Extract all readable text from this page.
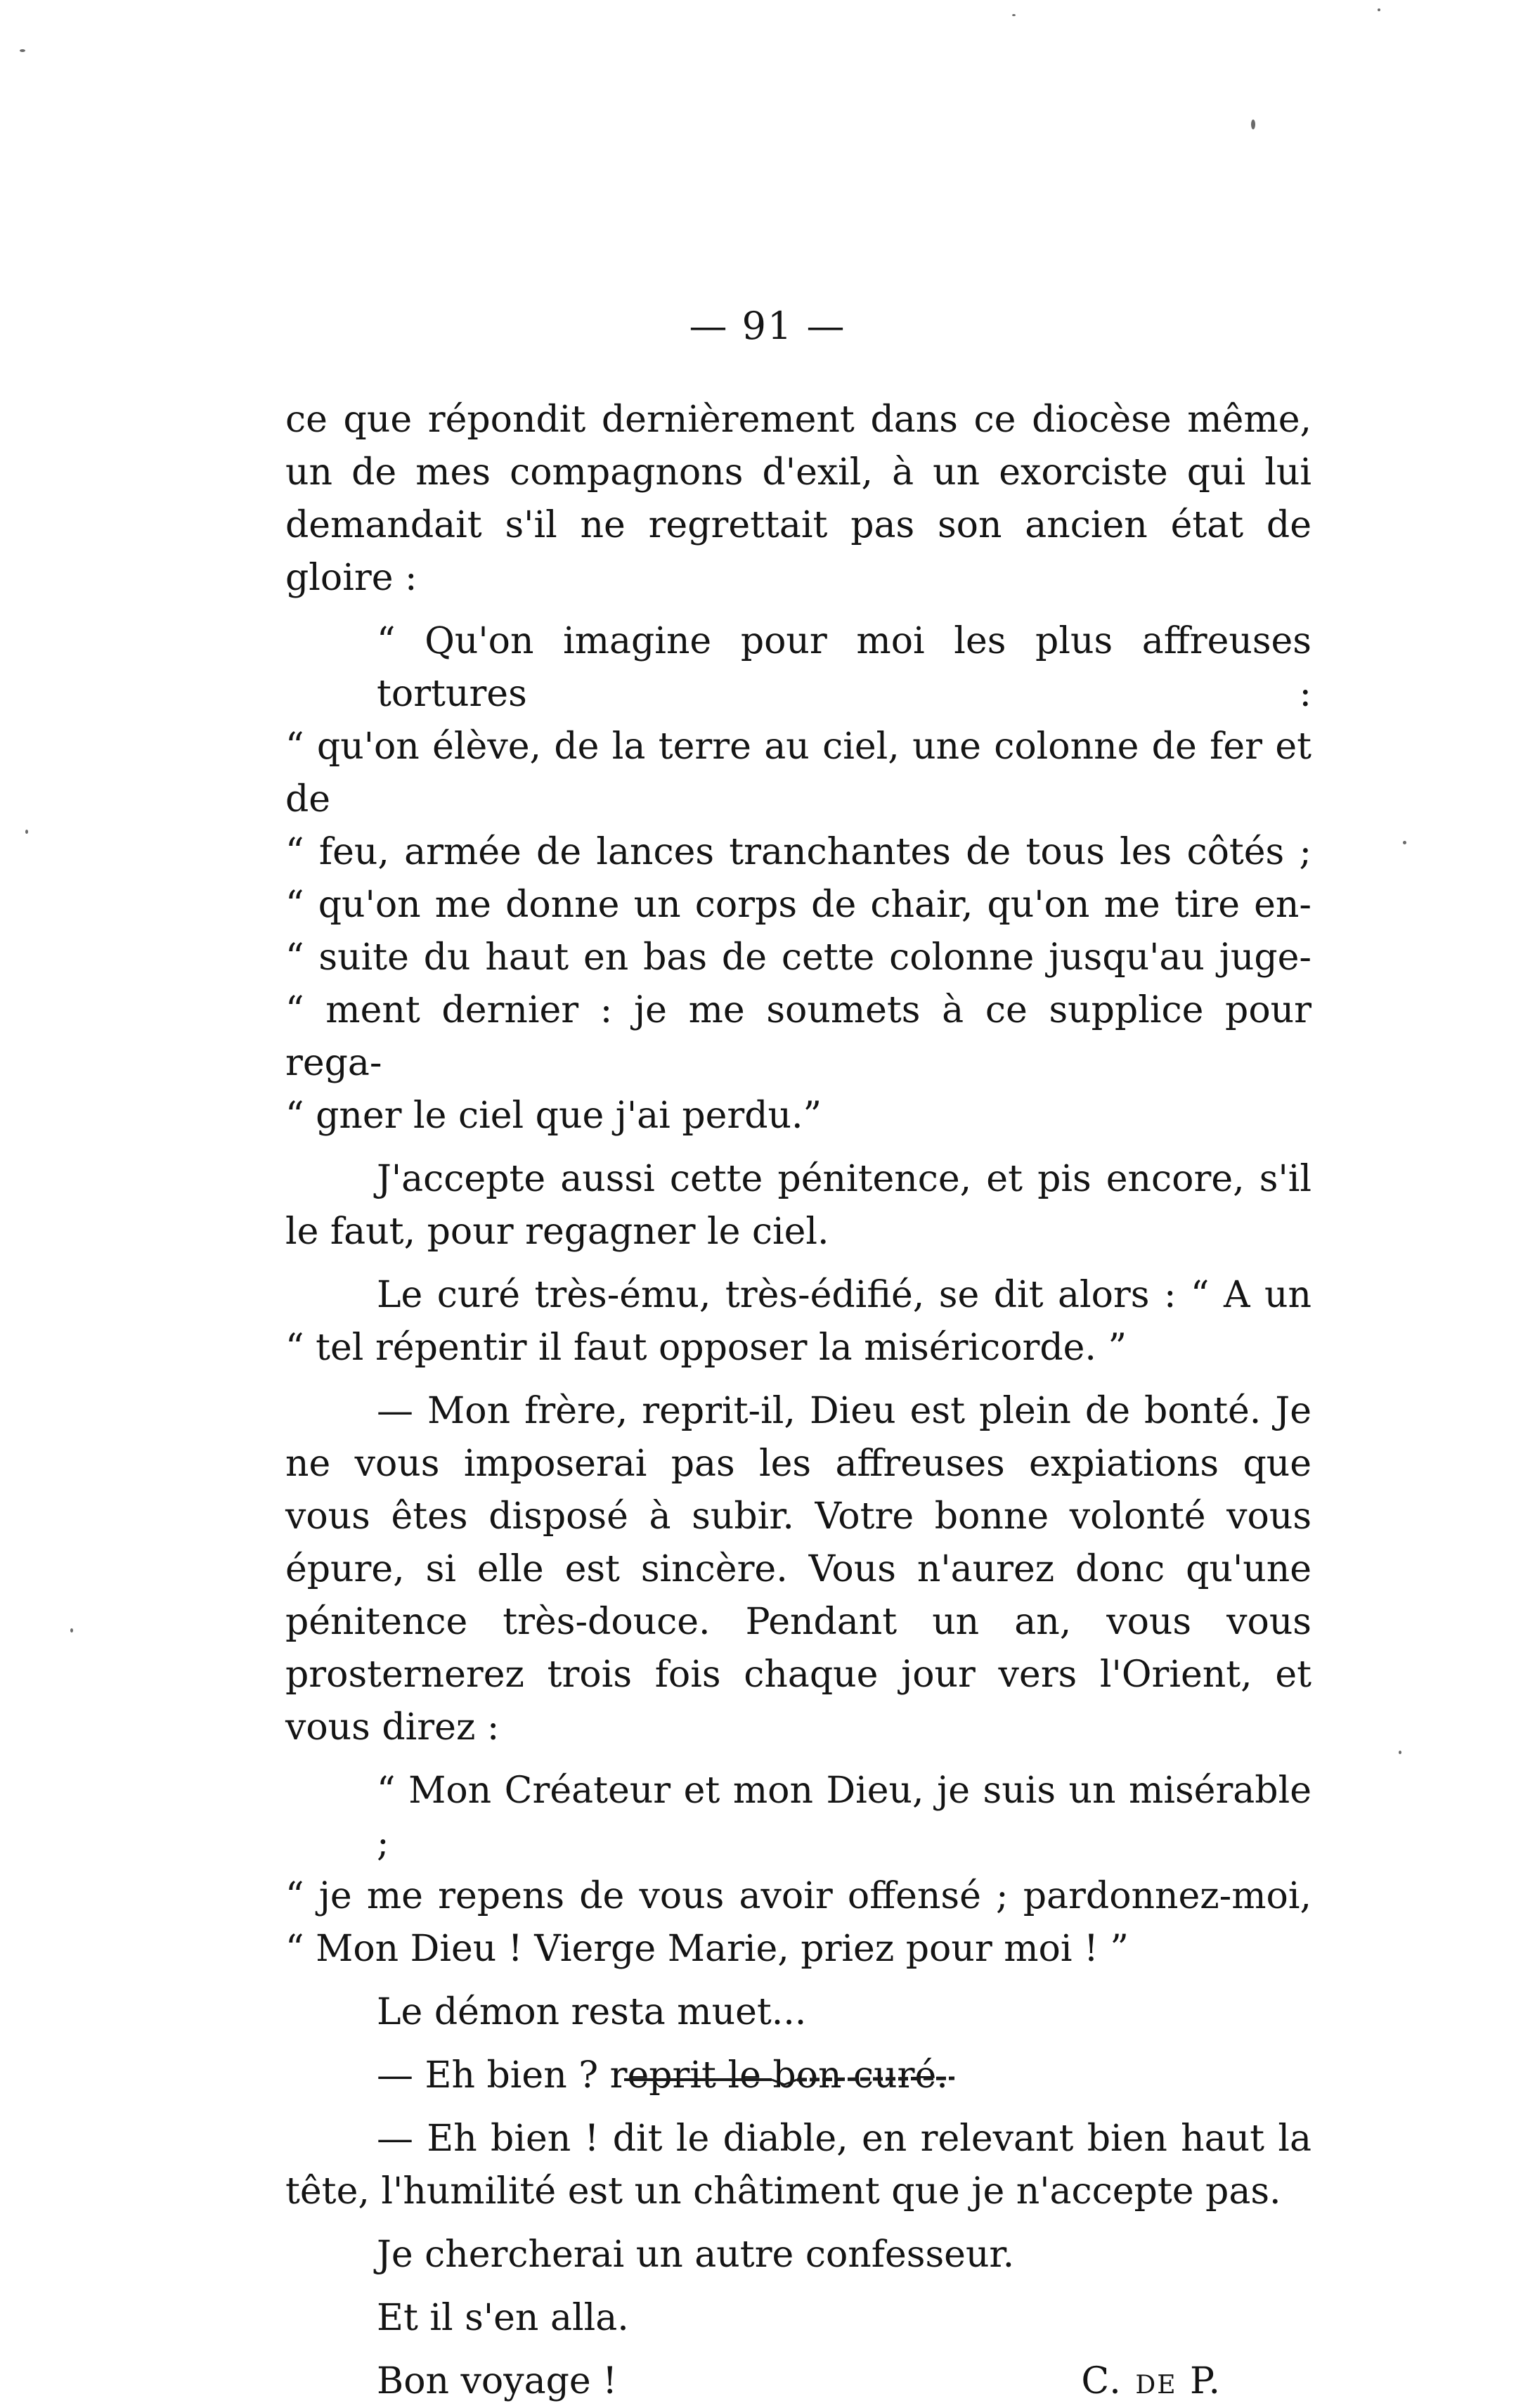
— 91 —

ce que répondit dernièrement dans ce diocèse même, un de mes compagnons d'exil, à un exorciste qui lui demandait s'il ne regrettait pas son ancien état de gloire :

“ Qu'on imagine pour moi les plus affreuses tortures :
“ qu'on élève, de la terre au ciel, une colonne de fer et de
“ feu, armée de lances tranchantes de tous les côtés ;
“ qu'on me donne un corps de chair, qu'on me tire en-
“ suite du haut en bas de cette colonne jusqu'au juge-
“ ment dernier : je me soumets à ce supplice pour rega-
“ gner le ciel que j'ai perdu.”

J'accepte aussi cette pénitence, et pis encore, s'il le faut, pour regagner le ciel.

Le curé très-ému, très-édifié, se dit alors : “ A un “ tel répentir il faut opposer la miséricorde. ”

— Mon frère, reprit-il, Dieu est plein de bonté. Je ne vous imposerai pas les affreuses expiations que vous êtes disposé à subir. Votre bonne volonté vous épure, si elle est sincère. Vous n'aurez donc qu'une pénitence très-douce. Pendant un an, vous vous prosternerez trois fois chaque jour vers l'Orient, et vous direz :

“ Mon Créateur et mon Dieu, je suis un misérable ;
“ je me repens de vous avoir offensé ; pardonnez-moi,
“ Mon Dieu ! Vierge Marie, priez pour moi ! ”

Le démon resta muet...

— Eh bien ? reprit le bon curé.

— Eh bien ! dit le diable, en relevant bien haut la tête, l'humilité est un châtiment que je n'accepte pas.

Je chercherai un autre confesseur.

Et il s'en alla.

Bon voyage !	C. de P.
